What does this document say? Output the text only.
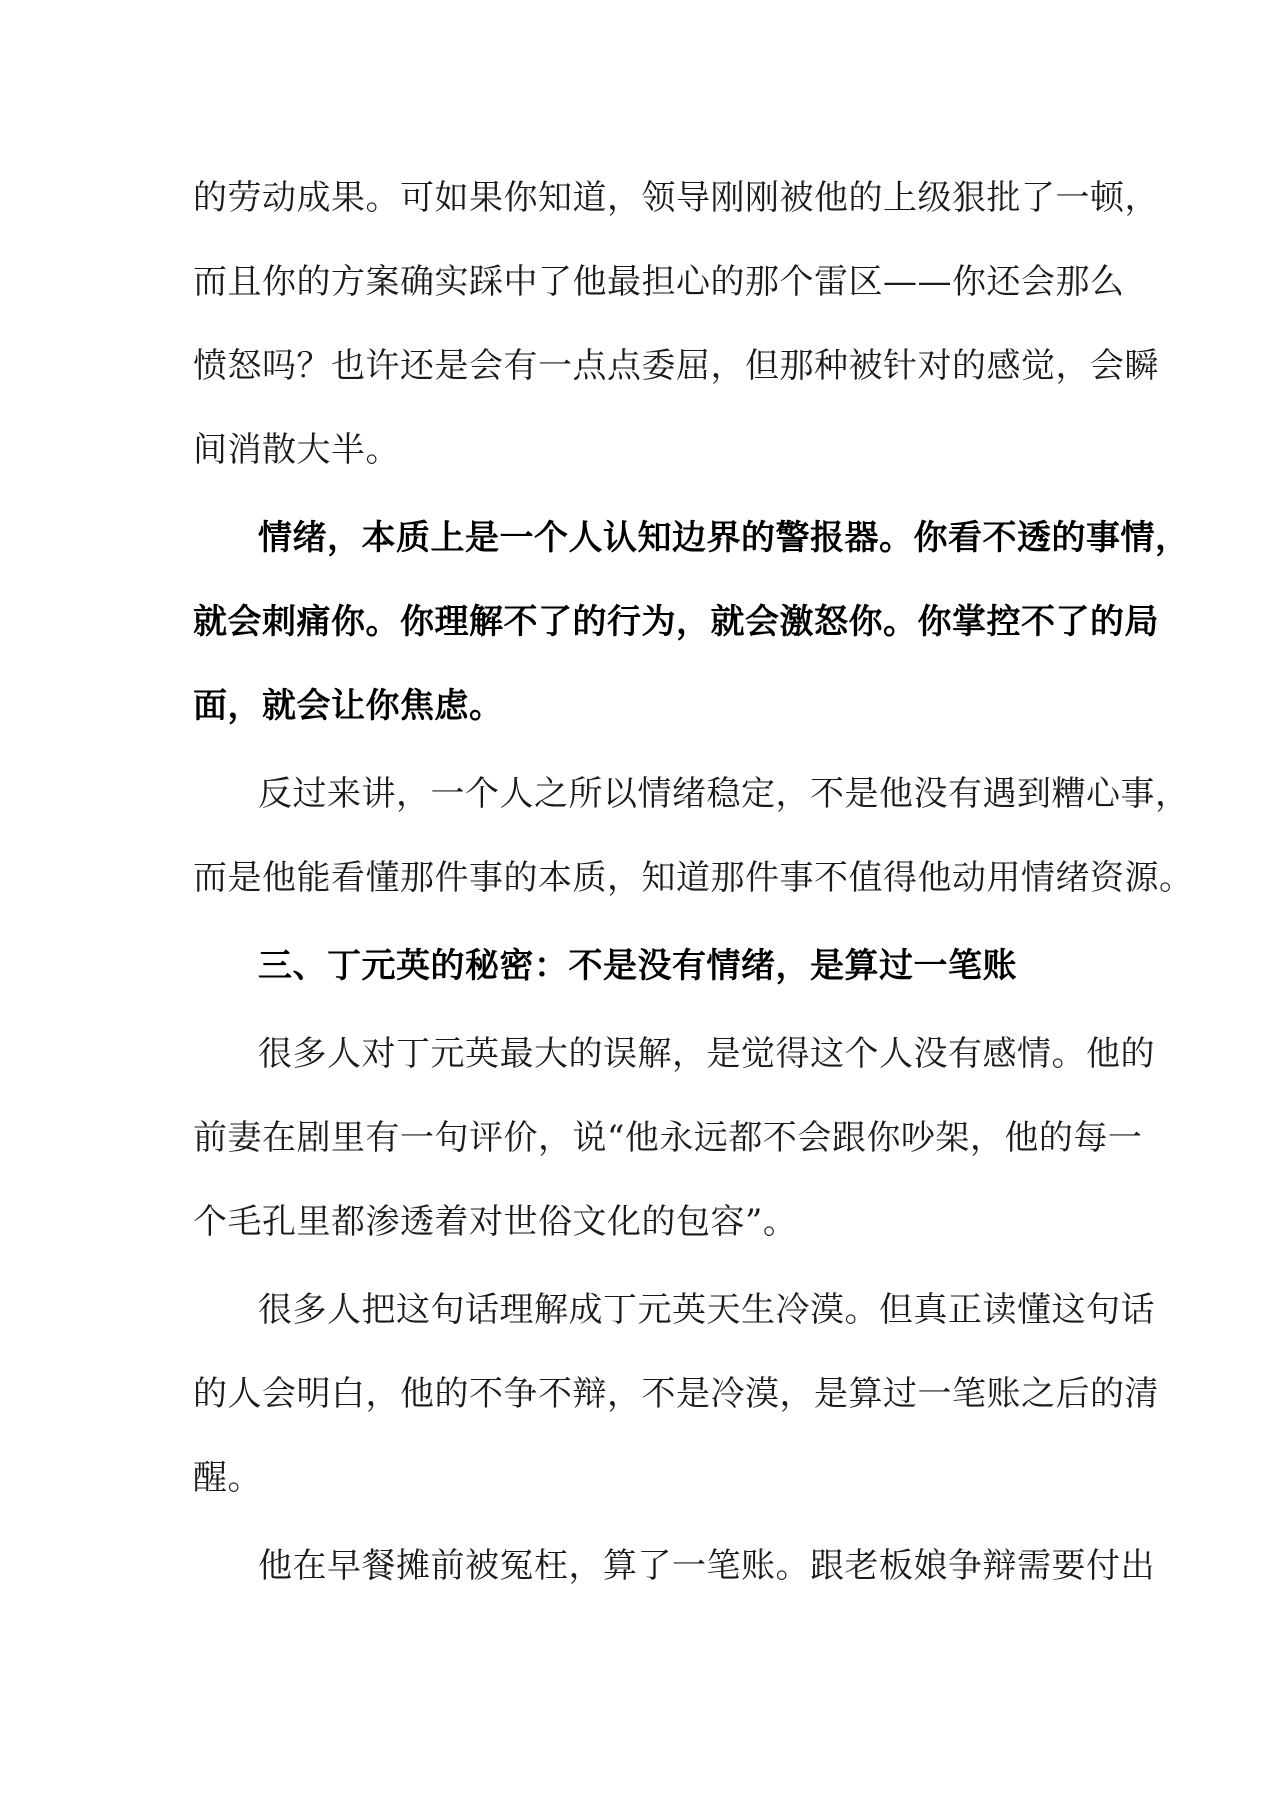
的劳动成果。可如果你知道，领导刚刚被他的上级狠批了一顿，
而且你的方案确实踩中了他最担心的那个雷区——你还会那么
愤怒吗？也许还是会有一点点委屈，但那种被针对的感觉，会瞬
间消散大半。
情绪，本质上是一个人认知边界的警报器。你看不透的事情，
就会刺痛你。你理解不了的行为，就会激怒你。你掌控不了的局
面，就会让你焦虑。
反过来讲，一个人之所以情绪稳定，不是他没有遇到糟心事，
而是他能看懂那件事的本质，知道那件事不值得他动用情绪资源。
三、丁元英的秘密：不是没有情绪，是算过一笔账
很多人对丁元英最大的误解，是觉得这个人没有感情。他的
前妻在剧里有一句评价，说“他永远都不会跟你吵架，他的每一
个毛孔里都渗透着对世俗文化的包容”。
很多人把这句话理解成丁元英天生冷漠。但真正读懂这句话
的人会明白，他的不争不辩，不是冷漠，是算过一笔账之后的清
醒。
他在早餐摊前被冤枉，算了一笔账。跟老板娘争辩需要付出
